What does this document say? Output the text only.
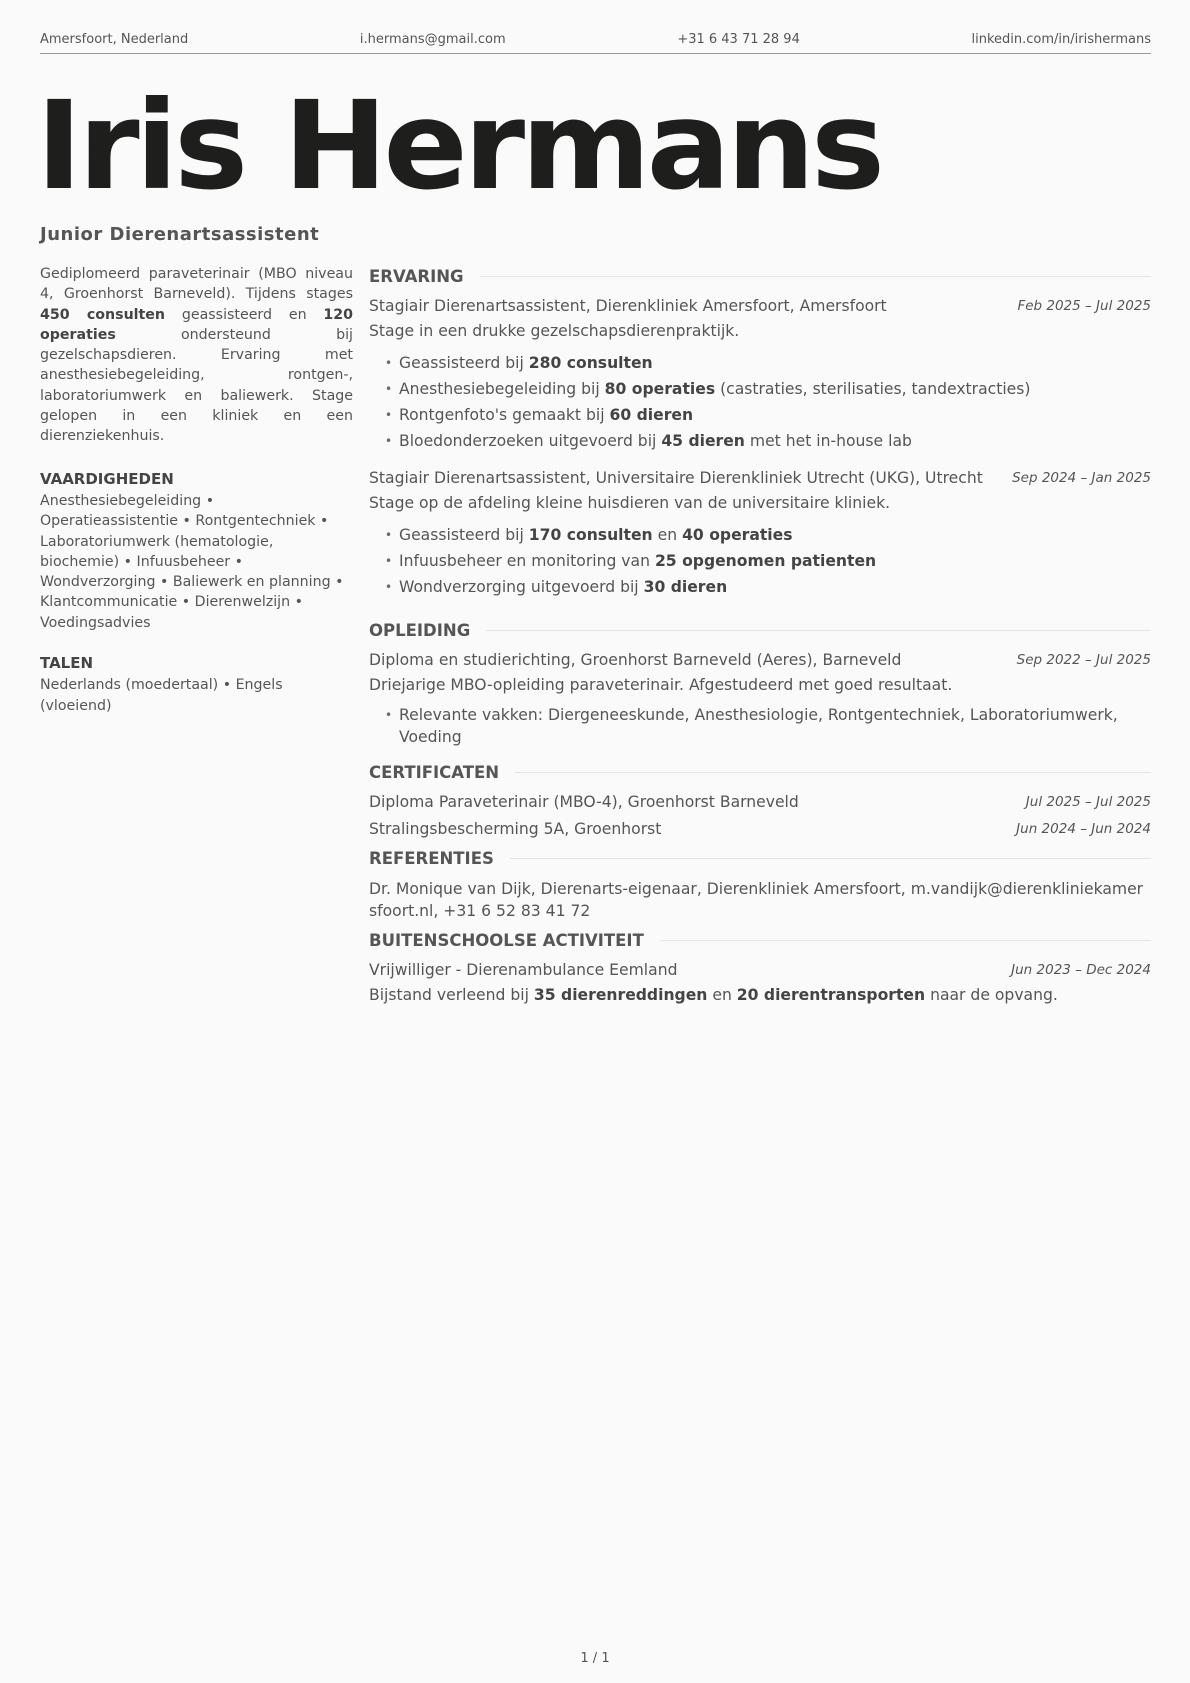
Amersfoort, Nederland	i.hermans@gmail.com	+31 6 43 71 28 94	linkedin.com/in/irishermans
Iris Hermans
Junior Dierenartsassistent

Gediplomeerd paraveterinair (MBO niveau 4, Groenhorst Barneveld). Tijdens stages 450 consulten geassisteerd en 120 operaties ondersteund bij gezelschapsdieren. Ervaring met anesthesiebegeleiding, rontgen-, laboratoriumwerk en baliewerk. Stage gelopen in een kliniek en een dierenziekenhuis.

VAARDIGHEDEN
Anesthesiebegeleiding • Operatieassistentie • Rontgentechniek • Laboratoriumwerk (hematologie, biochemie) • Infuusbeheer • Wondverzorging • Baliewerk en planning • Klantcommunicatie • Dierenwelzijn • Voedingsadvies
TALEN
Nederlands (moedertaal) • Engels (vloeiend)
ERVARING
Stagiair Dierenartsassistent, Dierenkliniek Amersfoort, Amersfoort	Feb 2025 – Jul 2025
Stage in een drukke gezelschapsdierenpraktijk.
• Geassisteerd bij 280 consulten
• Anesthesiebegeleiding bij 80 operaties (castraties, sterilisaties, tandextracties)
• Rontgenfoto's gemaakt bij 60 dieren
• Bloedonderzoeken uitgevoerd bij 45 dieren met het in-house lab
Stagiair Dierenartsassistent, Universitaire Dierenkliniek Utrecht (UKG), Utrecht Sep 2024 – Jan 2025
Stage op de afdeling kleine huisdieren van de universitaire kliniek.
• Geassisteerd bij 170 consulten en 40 operaties
• Infuusbeheer en monitoring van 25 opgenomen patienten
• Wondverzorging uitgevoerd bij 30 dieren
OPLEIDING
Diploma en studierichting, Groenhorst Barneveld (Aeres), Barneveld	Sep 2022 – Jul 2025
Driejarige MBO-opleiding paraveterinair. Afgestudeerd met goed resultaat.
• Relevante vakken: Diergeneeskunde, Anesthesiologie, Rontgentechniek, Laboratoriumwerk, Voeding
CERTIFICATEN
Diploma Paraveterinair (MBO-4), Groenhorst Barneveld	Jul 2025 – Jul 2025
Stralingsbescherming 5A, Groenhorst	Jun 2024 – Jun 2024
REFERENTIES
Dr. Monique van Dijk, Dierenarts-eigenaar, Dierenkliniek Amersfoort, m.vandijk@dierenkliniekamersfoort.nl, +31 6 52 83 41 72
BUITENSCHOOLSE ACTIVITEIT
Vrijwilliger - Dierenambulance Eemland	Jun 2023 – Dec 2024
Bijstand verleend bij 35 dierenreddingen en 20 dierentransporten naar de opvang.
1 / 1
